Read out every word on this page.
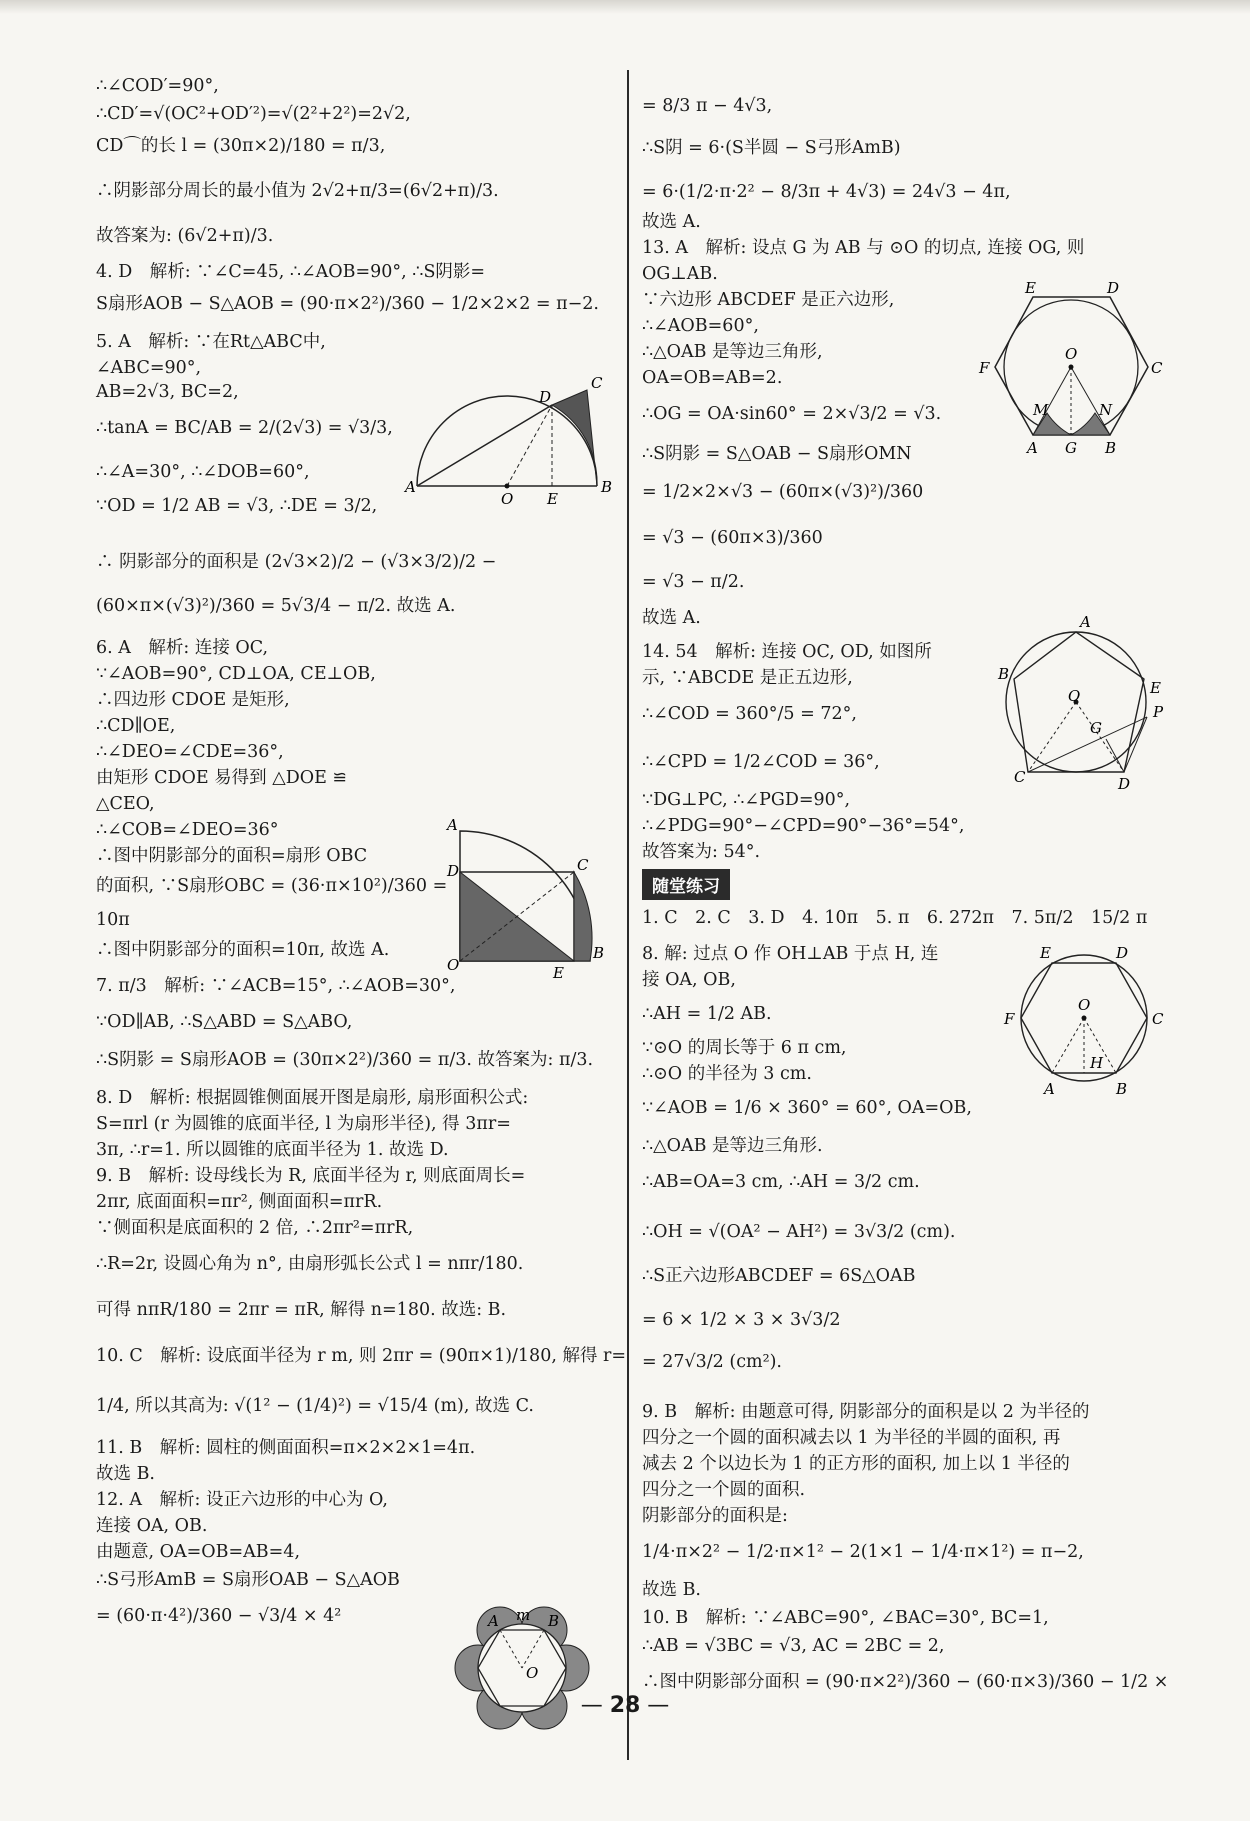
∴∠COD′=90°,
∴CD′=√(OC²+OD′²)=√(2²+2²)=2√2,
CD⌒的长 l = (30π×2)/180 = π/3,
∴阴影部分周长的最小值为 2√2+π/3=(6√2+π)/3.
故答案为: (6√2+π)/3.
4. D　解析: ∵∠C=45, ∴∠AOB=90°, ∴S阴影=
S扇形AOB − S△AOB = (90·π×2²)/360 − 1/2×2×2 = π−2.
5. A　解析: ∵在Rt△ABC中,
∠ABC=90°,
AB=2√3, BC=2,
∴tanA = BC/AB = 2/(2√3) = √3/3,
∴∠A=30°, ∴∠DOB=60°,
∵OD = 1/2 AB = √3, ∴DE = 3/2,
∴ 阴影部分的面积是 (2√3×2)/2 − (√3×3/2)/2 −
(60×π×(√3)²)/360 = 5√3/4 − π/2. 故选 A.
6. A　解析: 连接 OC,
∵∠AOB=90°, CD⊥OA, CE⊥OB,
∴四边形 CDOE 是矩形,
∴CD∥OE,
∴∠DEO=∠CDE=36°,
由矩形 CDOE 易得到 △DOE ≌
△CEO,
∴∠COB=∠DEO=36°
∴图中阴影部分的面积=扇形 OBC
的面积, ∵S扇形OBC = (36·π×10²)/360 =
10π
∴图中阴影部分的面积=10π, 故选 A.
7. π/3　解析: ∵∠ACB=15°, ∴∠AOB=30°,
∵OD∥AB, ∴S△ABD = S△ABO,
∴S阴影 = S扇形AOB = (30π×2²)/360 = π/3. 故答案为: π/3.
8. D　解析: 根据圆锥侧面展开图是扇形, 扇形面积公式:
S=πrl (r 为圆锥的底面半径, l 为扇形半径), 得 3πr=
3π, ∴r=1. 所以圆锥的底面半径为 1. 故选 D.
9. B　解析: 设母线长为 R, 底面半径为 r, 则底面周长=
2πr, 底面面积=πr², 侧面面积=πrR.
∵侧面积是底面积的 2 倍, ∴2πr²=πrR,
∴R=2r, 设圆心角为 n°, 由扇形弧长公式 l = nπr/180.
可得 nπR/180 = 2πr = πR, 解得 n=180. 故选: B.
10. C　解析: 设底面半径为 r m, 则 2πr = (90π×1)/180, 解得 r=
1/4, 所以其高为: √(1² − (1/4)²) = √15/4 (m), 故选 C.
11. B　解析: 圆柱的侧面面积=π×2×2×1=4π.
故选 B.
12. A　解析: 设正六边形的中心为 O,
连接 OA, OB.
由题意, OA=OB=AB=4,
∴S弓形AmB = S扇形OAB − S△AOB
= (60·π·4²)/360 − √3/4 × 4²
= 8/3 π − 4√3,
∴S阴 = 6·(S半圆 − S弓形AmB)
= 6·(1/2·π·2² − 8/3π + 4√3) = 24√3 − 4π,
故选 A.
13. A　解析: 设点 G 为 AB 与 ⊙O 的切点, 连接 OG, 则
OG⊥AB.
∵六边形 ABCDEF 是正六边形,
∴∠AOB=60°,
∴△OAB 是等边三角形,
OA=OB=AB=2.
∴OG = OA·sin60° = 2×√3/2 = √3.
∴S阴影 = S△OAB − S扇形OMN
= 1/2×2×√3 − (60π×(√3)²)/360
= √3 − (60π×3)/360
= √3 − π/2.
故选 A.
14. 54　解析: 连接 OC, OD, 如图所
示, ∵ABCDE 是正五边形,
∴∠COD = 360°/5 = 72°,
∴∠CPD = 1/2∠COD = 36°,
∵DG⊥PC, ∴∠PGD=90°,
∴∠PDG=90°−∠CPD=90°−36°=54°,
故答案为: 54°.
1. C　2. C　3. D　4. 10π　5. π　6. 272π　7. 5π/2　15/2 π
8. 解: 过点 O 作 OH⊥AB 于点 H, 连
接 OA, OB,
∴AH = 1/2 AB.
∵⊙O 的周长等于 6 π cm,
∴⊙O 的半径为 3 cm.
∵∠AOB = 1/6 × 360° = 60°, OA=OB,
∴△OAB 是等边三角形.
∴AB=OA=3 cm, ∴AH = 3/2 cm.
∴OH = √(OA² − AH²) = 3√3/2 (cm).
∴S正六边形ABCDEF = 6S△OAB
= 6 × 1/2 × 3 × 3√3/2
= 27√3/2 (cm²).
9. B　解析: 由题意可得, 阴影部分的面积是以 2 为半径的
四分之一个圆的面积减去以 1 为半径的半圆的面积, 再
减去 2 个以边长为 1 的正方形的面积, 加上以 1 半径的
四分之一个圆的面积.
阴影部分的面积是:
1/4·π×2² − 1/2·π×1² − 2(1×1 − 1/4·π×1²) = π−2,
故选 B.
10. B　解析: ∵∠ABC=90°, ∠BAC=30°, BC=1,
∴AB = √3BC = √3, AC = 2BC = 2,
∴图中阴影部分面积 = (90·π×2²)/360 − (60·π×3)/360 − 1/2 ×
随堂练习
A
O E
B
C
D
A
D	C
O	E
B
A m B
O
E	D
F	C
O
M	N
A G B
A
B
E
P
O
G
C	D
E	D
F
O
C
H
A	B
— 28 —
